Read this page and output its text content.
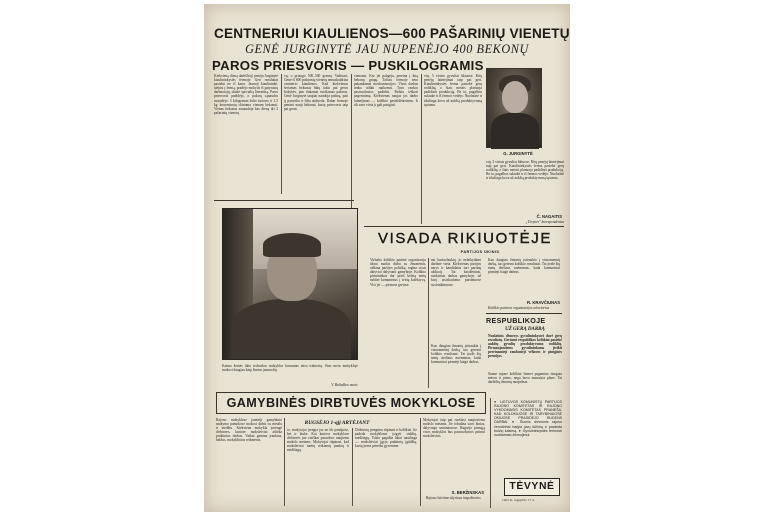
CENTNERIUI KIAULIENOS—600 PAŠARINIŲ VIENETŲ
GENĖ JURGINYTĖ JAU NUPENĖJO 400 BEKONŲ
PAROS PRIESVORIS — PUSKILOGRAMIS
Kiekvieną dieną darbščioji penėja Jurginytė kiaulininkystės fermoje. Geri rezultatai pasiekti ne iš karto. Jaunoji kiaulininkė, atėjusi į fermą, pradėjo mokytis iš patyrusių darbuotojų, skaitė specialią literatūrą. Paros priesvoris padidėjo, o pašarų sąnaudos sumažėjo. 3 kilogramai šalto raciono ir 1,5 kg koncentratų skiriama vienam bekonui. Vienas bekonas sunaudoja kas dieną iki 3 pašarinių vienetų.
vų, o priaugo 500–540 gramų. Vadinasi, Genė iš 600 pašarinių vienetų nenuskaidrina centnerio kiaulienos. Kad kiekvienas šeriamas bekonas būtų tokio pat geros kokybės, jam tinkamai ruošiamas pašaras. Genė Jurginytė taupiai naudoja pašarą, pati jį paruošia ir šilta atiduoda. Dabar fermoje penimi nauji bekonai, kurių priesvoris taip pat geras.
vienoms. Kai jie paūgėja, pereina į kitą bekonų grupę. Tačiau fermoje nėra pakankamai mechanizacijos. Visus darbus tenka atlikti rankomis. Tavo rankos pasiruošusios padirbti. Reikia ieškoti pagerinimų. Kiekvienas naujas jos darbo laimėjimas — kolūkio pasididžiavimas. Ir tik savo vieta ji gali pasigirti.
vių, 3 virtais gyvuliai ūkiuose. Kitų penėjų laimėjimai taip pat geri. Kiaulininkystės ferma pasiekė gerų rodiklių, o šiais metais planuoja padidinti produkciją. Be to, pagalbos sulaukė ir iš fermos vedėjo. Nuolatinė ir tikslinga kova už aukštą produktyvumą tęsiama.
G. JURGINYTĖ
vių, 3 virtais gyvuliai ūkiuose. Kitų penėjų laimėjimai taip pat geri. Kiaulininkystės ferma pasiekė gerų rodiklių, o šiais metais planuoja padidinti produkciją. Be to, pagalbos sulaukė ir iš fermos vedėjo. Nuolatinė ir tikslinga kova už aukštą produktyvumą tęsiama.
Č. NAGAITIS
„Tėvynės" korespondentas
Kaimo žemės ūkio technikos mokyklos kursantas taiso traktorių. Šiuo metu mokykloje mokosi daugiau kaip šimtas jaunuolių.
V. Baltuškos nuotr.
VISADA RIKIUOTĖJE
PARTIJOS ŪKINIS
Virbalio kolūkio partinė organizacija tikrai nuolat dirba su žmonėmis, aiškina partijos politiką, ragina visus aktyviai dalyvauti gamyboje. Kolūkio pirmininkas dar prieš keletą metų subūrė komunistus į tvirtą kolektyvą. Visi jie — pirmose gretose.
nai kuriuolaukių, jo nelaikydami darbine vieta. Kiekvienas partijos narys ir kandidatas turi partinę užduotį. Tai kasdieninis, nuolatinis darbas gamyboje, už kurį atsiskaitoma partiniuose susirinkimuose.
Kuo daugiau žmonių įsitraukia į visuomeninį darbą, tuo geresni kolūkio rezultatai. Tai įrodė šių metų derliaus nuėmimas, kada komunistai pirmieji baigė darbus.
R. KRAVČIUNAS
Kolūkio partinės organizacijos sekretorius
Kuo daugiau žmonių įsitraukia į visuomeninį darbą, tuo geresni kolūkio rezultatai. Tai įrodė šių metų derliaus nuėmimas, kada komunistai pirmieji baigė darbus.
RESPUBLIKOJE
UŽ GERĄ DARBĄ
Nuolatinis dėmesys gyvulininkystei davė gerų rezultatų. Geriausi respublikos kolūkiai pasiekė aukštų gyvulių produktyvumo rodiklių. Pirmaujantiems gyvulininkams įteikti pereinamieji raudonieji vėliavos ir piniginės premijos.
Šiame rajone kolūkiai šiemet pagamino daugiau mėsos ir pieno, negu buvo numatyta plane. Tai darbščių žmonių nuopelnas.
GAMYBINĖS DIRBTUVĖS MOKYKLOSE
RUGSĖJO 1-ąjį ARTĖJANT
Rajono mokyklose jaunieji gamybinio mokymo pamokose mokosi dirbti su metalu ir medžiu. Kiekviena mokykla įsirengė dirbtuves, kuriose moksleiviai atlieka praktinius darbus. Vaikai gamina įrankius, baldus, mokyklinius reikmenis.
to, mokytojai įrengia jas ne tik patalpose, bet ir lauke. Kai kuriose mokyklose dirbtuvės jau visiškai paruoštos naujiems mokslo metams. Mokytojai rūpinasi, kad moksleiviai turėtų reikiamų įrankių ir medžiagų.
Dirbtuvių įrengimu rūpinasi ir kolūkiai. Jie padeda mokykloms įsigyti staklių, medžiagų. Tokia pagalba labai naudinga — moksleiviai įgyja praktinių įgūdžių, kurių jiems prireiks gyvenime.
Mokytojai taip pat ruošiasi naujiesiems mokslo metams. Jie tobulina savo žinias, dalyvauja seminaruose. Rugsėjo pirmąją visos mokyklos bus pasiruošusios priimti moksleivius.
S. BERŽINSKAS
Rajono švietimo skyriaus inspektorius
● LIETUVOS KOMUNISTŲ PARTIJOS RAJONO KOMITETAS IR RAJONO VYKDOMASIS KOMITETAS PRANEŠA, KAD KOLŪKIUOSE IR TARYBINIUOSE ŪKIUOSE PRASIDĖJO RUDENS DARBAI. ● Šiomis dienomis rajono žemdirbiai baigia javų kūlimą ir pradeda bulvių kasimą. ● Gyvulininkystės fermose ruošiamasi žiemojimui.
TĖVYNĖ
1963 m. rugpjūčio 17 d.
